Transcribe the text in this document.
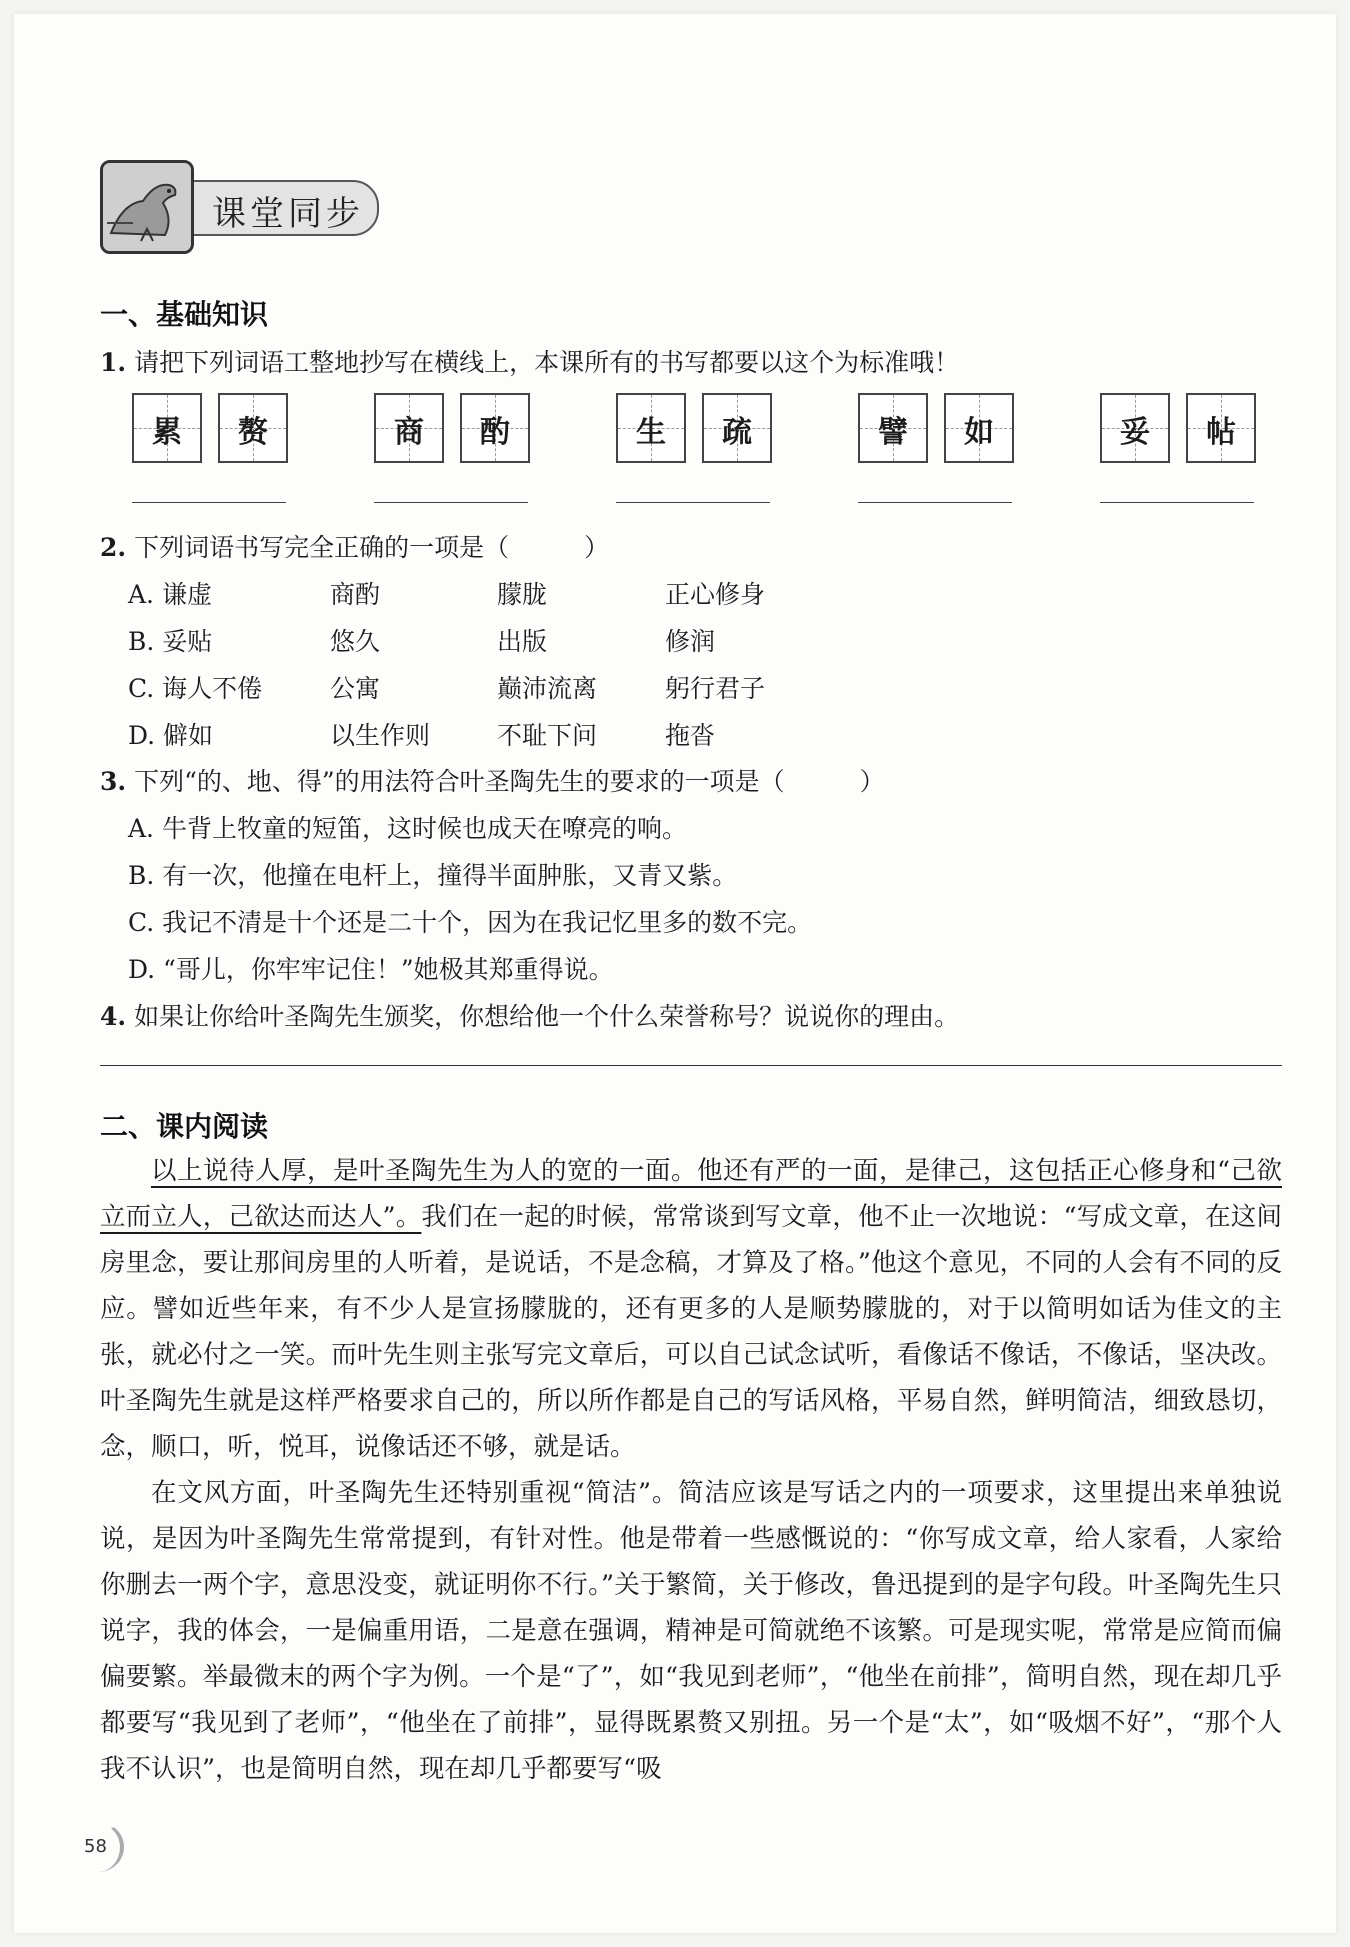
课堂同步
一、基础知识
1. 请把下列词语工整地抄写在横线上，本课所有的书写都要以这个为标准哦！
累	赘	商	酌	生	疏	譬	如	妥	帖
2. 下列词语书写完全正确的一项是（　　　）
A. 谦虚	商酌	朦胧	正心修身
B. 妥贴	悠久	出版	修润
C. 诲人不倦	公寓	巅沛流离	躬行君子
D. 僻如	以生作则	不耻下问	拖沓
3. 下列“的、地、得”的用法符合叶圣陶先生的要求的一项是（　　　）
A. 牛背上牧童的短笛，这时候也成天在嘹亮的响。
B. 有一次，他撞在电杆上，撞得半面肿胀，又青又紫。
C. 我记不清是十个还是二十个，因为在我记忆里多的数不完。
D. “哥儿，你牢牢记住！”她极其郑重得说。
4. 如果让你给叶圣陶先生颁奖，你想给他一个什么荣誉称号？说说你的理由。
二、课内阅读

以上说待人厚，是叶圣陶先生为人的宽的一面。他还有严的一面，是律己，这包括正心修身和“己欲立而立人，己欲达而达人”。我们在一起的时候，常常谈到写文章，他不止一次地说：“写成文章，在这间房里念，要让那间房里的人听着，是说话，不是念稿，才算及了格。”他这个意见，不同的人会有不同的反应。譬如近些年来，有不少人是宣扬朦胧的，还有更多的人是顺势朦胧的，对于以简明如话为佳文的主张，就必付之一笑。而叶先生则主张写完文章后，可以自己试念试听，看像话不像话，不像话，坚决改。叶圣陶先生就是这样严格要求自己的，所以所作都是自己的写话风格，平易自然，鲜明简洁，细致恳切，念，顺口，听，悦耳，说像话还不够，就是话。

在文风方面，叶圣陶先生还特别重视“简洁”。简洁应该是写话之内的一项要求，这里提出来单独说说，是因为叶圣陶先生常常提到，有针对性。他是带着一些感慨说的：“你写成文章，给人家看，人家给你删去一两个字，意思没变，就证明你不行。”关于繁简，关于修改，鲁迅提到的是字句段。叶圣陶先生只说字，我的体会，一是偏重用语，二是意在强调，精神是可简就绝不该繁。可是现实呢，常常是应简而偏偏要繁。举最微末的两个字为例。一个是“了”，如“我见到老师”，“他坐在前排”，简明自然，现在却几乎都要写“我见到了老师”，“他坐在了前排”，显得既累赘又别扭。另一个是“太”，如“吸烟不好”，“那个人我不认识”，也是简明自然，现在却几乎都要写“吸

58
